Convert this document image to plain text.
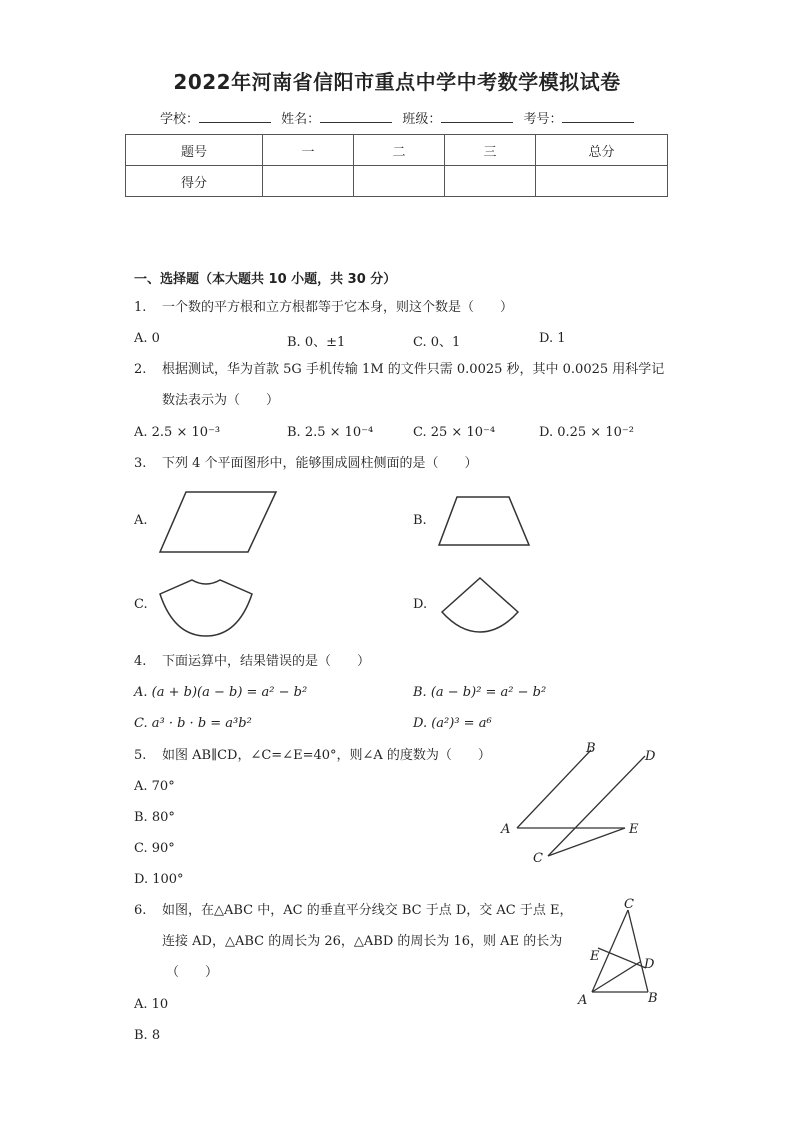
2022年河南省信阳市重点中学中考数学模拟试卷
学校：	姓名：	班级：	考号：
题号	一	二	三	总分
得分				
一、选择题（本大题共 10 小题，共 30 分）
1. 一个数的平方根和立方根都等于它本身，则这个数是（　　）
A. 0	B. 0、±1	C. 0、1	D. 1
2. 根据测试，华为首款 5G 手机传输 1M 的文件只需 0.0025 秒，其中 0.0025 用科学记
数法表示为（　　）
A. 2.5 × 10⁻³	B. 2.5 × 10⁻⁴	C. 25 × 10⁻⁴	D. 0.25 × 10⁻²
3. 下列 4 个平面图形中，能够围成圆柱侧面的是（　　）
A.	B.
C.	D.
4. 下面运算中，结果错误的是（　　）
A. (a + b)(a − b) = a² − b²	B. (a − b)² = a² − b²
C. a³ · b · b = a³b²	D. (a²)³ = a⁶
5. 如图 AB∥CD，∠C=∠E=40°，则∠A 的度数为（　　）
A. 70°
B. 80°
C. 90°
D. 100°
B
D
A	E
C
6. 如图，在△ABC 中，AC 的垂直平分线交 BC 于点 D，交 AC 于点 E，
连接 AD，△ABC 的周长为 26，△ABD 的周长为 16，则 AE 的长为
（　　）
A. 10
B. 8
C
E
D
A	B
